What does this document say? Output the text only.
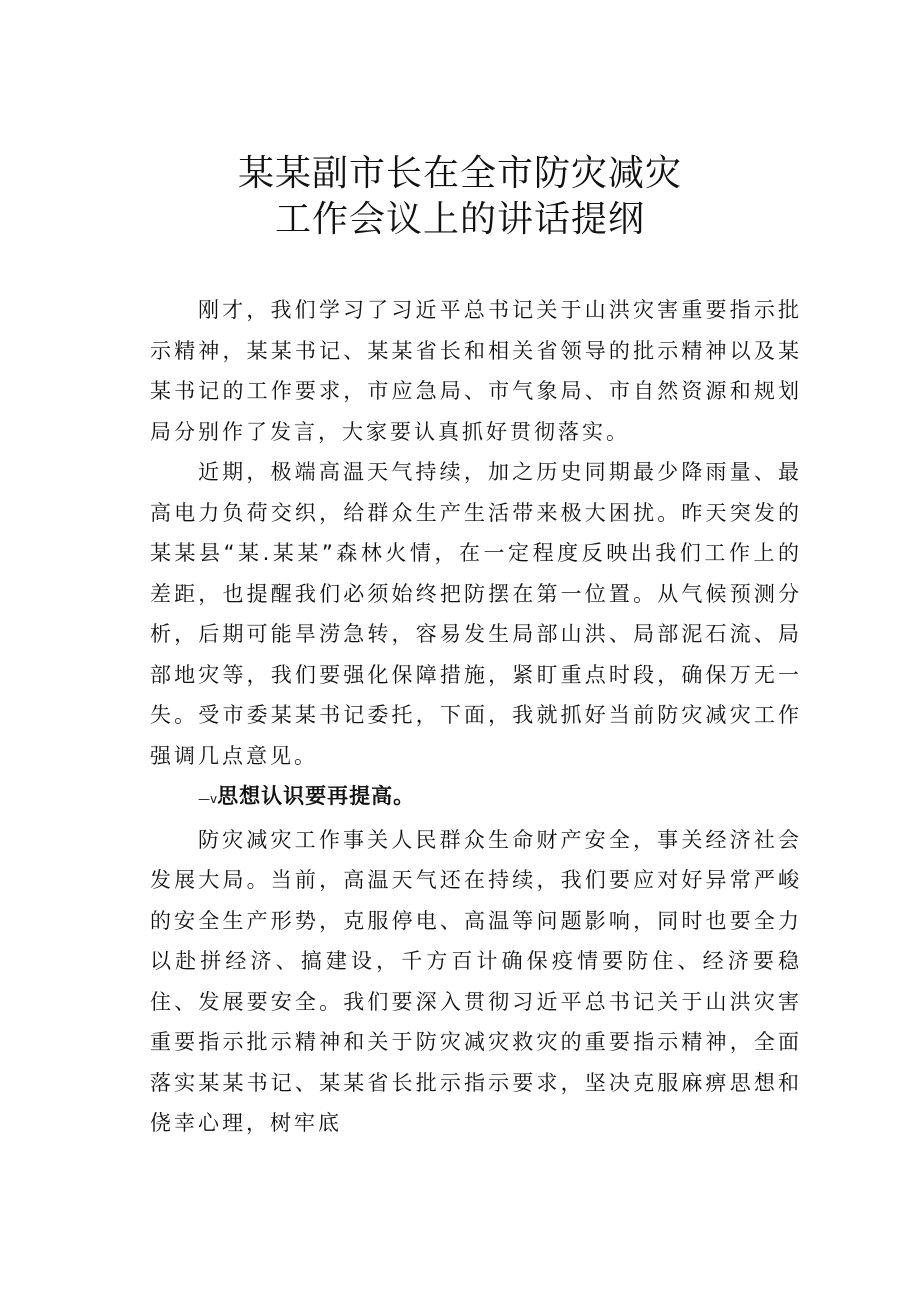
某某副市长在全市防灾减灾
工作会议上的讲话提纲

刚才，我们学习了习近平总书记关于山洪灾害重要指示批示精神，某某书记、某某省长和相关省领导的批示精神以及某某书记的工作要求，市应急局、市气象局、市自然资源和规划局分别作了发言，大家要认真抓好贯彻落实。

近期，极端高温天气持续，加之历史同期最少降雨量、最高电力负荷交织，给群众生产生活带来极大困扰。昨天突发的某某县“某.某某”森林火情，在一定程度反映出我们工作上的差距，也提醒我们必须始终把防摆在第一位置。从气候预测分析，后期可能旱涝急转，容易发生局部山洪、局部泥石流、局部地灾等，我们要强化保障措施，紧盯重点时段，确保万无一失。受市委某某书记委托，下面，我就抓好当前防灾减灾工作强调几点意见。

—v思想认识要再提高。

防灾减灾工作事关人民群众生命财产安全，事关经济社会发展大局。当前，高温天气还在持续，我们要应对好异常严峻的安全生产形势，克服停电、高温等问题影响，同时也要全力以赴拼经济、搞建设，千方百计确保疫情要防住、经济要稳住、发展要安全。我们要深入贯彻习近平总书记关于山洪灾害重要指示批示精神和关于防灾减灾救灾的重要指示精神，全面落实某某书记、某某省长批示指示要求，坚决克服麻痹思想和侥幸心理，树牢底
